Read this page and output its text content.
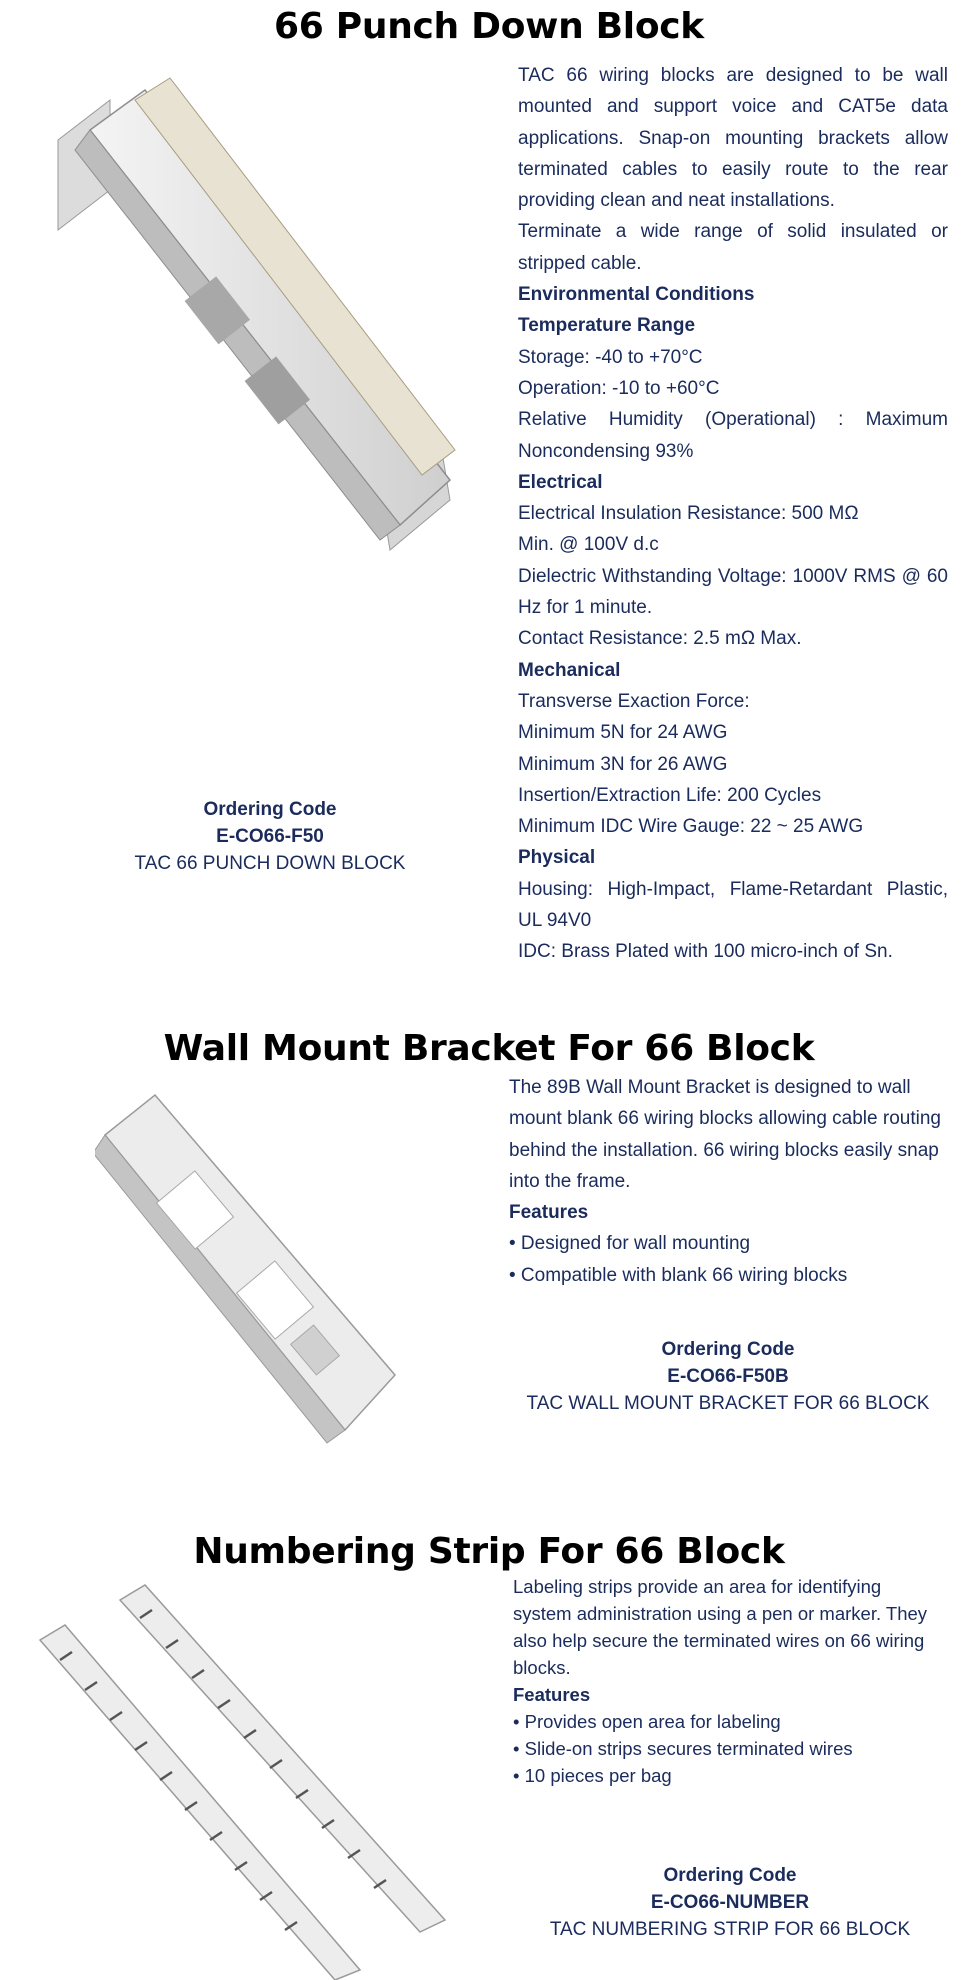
66 Punch Down Block

TAC 66 wiring blocks are designed to be wall mounted and support voice and CAT5e data applications. Snap-on mounting brackets allow terminated cables to easily route to the rear providing clean and neat installations.

Terminate a wide range of solid insulated or stripped cable.

Environmental Conditions

Temperature Range

Storage: -40 to +70°C

Operation: -10 to +60°C

Relative Humidity (Operational) : Maximum Noncondensing 93%

Electrical

Electrical Insulation Resistance: 500 MΩ

Min. @ 100V d.c

Dielectric Withstanding Voltage: 1000V RMS @ 60 Hz for 1 minute.

Contact Resistance: 2.5 mΩ Max.

Mechanical

Transverse Exaction Force:

Minimum 5N for 24 AWG

Minimum 3N for 26 AWG

Insertion/Extraction Life: 200 Cycles

Minimum IDC Wire Gauge: 22 ~ 25 AWG

Physical

Housing: High-Impact, Flame-Retardant Plastic, UL 94V0

IDC: Brass Plated with 100 micro-inch of Sn.

Ordering Code
E-CO66-F50
TAC 66 PUNCH DOWN BLOCK
Wall Mount Bracket For 66 Block

The 89B Wall Mount Bracket is designed to wall mount blank 66 wiring blocks allowing cable routing behind the installation. 66 wiring blocks easily snap into the frame.

Features

• Designed for wall mounting

• Compatible with blank 66 wiring blocks

Ordering Code
E-CO66-F50B
TAC WALL MOUNT BRACKET FOR 66 BLOCK
Numbering Strip For 66 Block

Labeling strips provide an area for identifying system administration using a pen or marker. They also help secure the terminated wires on 66 wiring blocks.

Features

• Provides open area for labeling

• Slide-on strips secures terminated wires

• 10 pieces per bag

Ordering Code
E-CO66-NUMBER
TAC NUMBERING STRIP FOR 66 BLOCK
